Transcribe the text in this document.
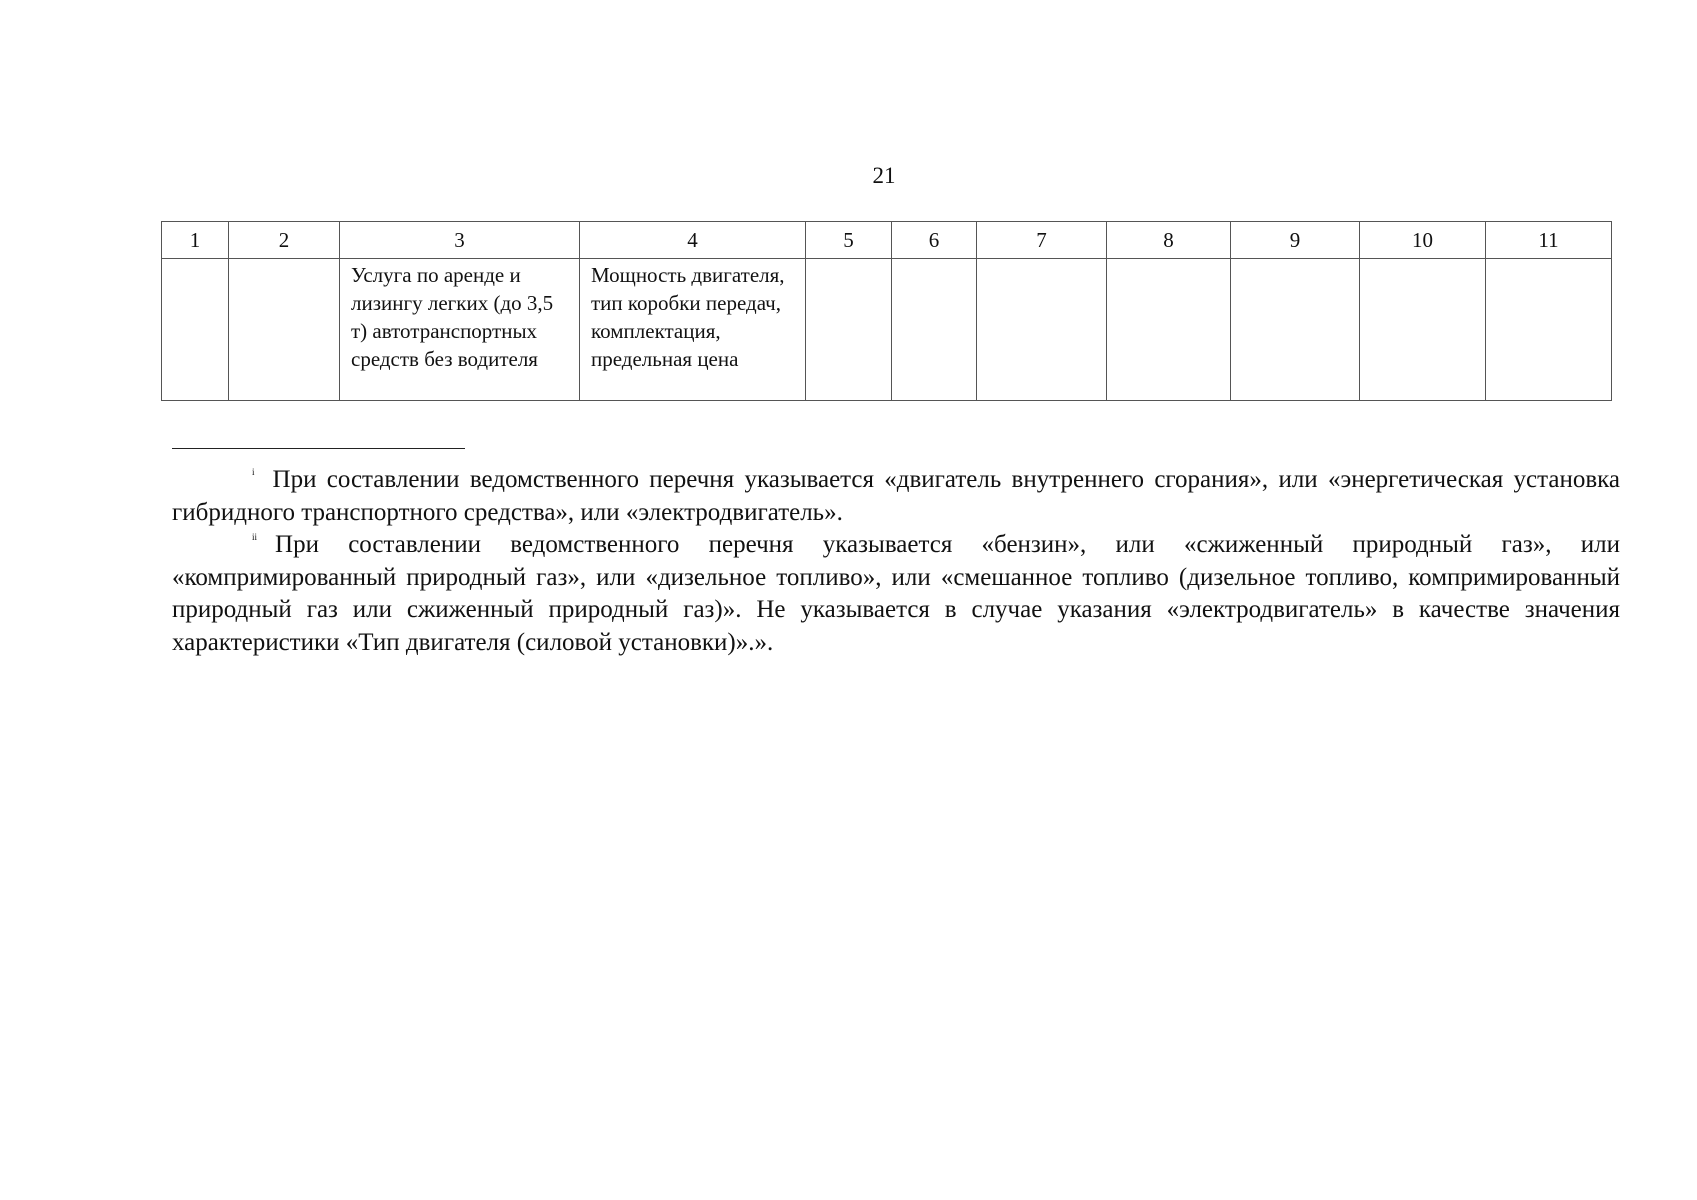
21
1	2	3	4	5	6	7	8	9	10	11
		Услуга по аренде и лизингу легких (до 3,5 т) автотранспортных средств без водителя	Мощность двигателя, тип коробки передач, комплектация, предельная цена							

$^i$ При составлении ведомственного перечня указывается «двигатель внутреннего сгорания», или «энергетическая установка гибридного транспортного средства», или «электродвигатель».

$^{ii}$ При составлении ведомственного перечня указывается «бензин», или «сжиженный природный газ», или «компримированный природный газ», или «дизельное топливо», или «смешанное топливо (дизельное топливо, компримированный природный газ или сжиженный природный газ)». Не указывается в случае указания «электродвигатель» в качестве значения характеристики «Тип двигателя (силовой установки)».».
